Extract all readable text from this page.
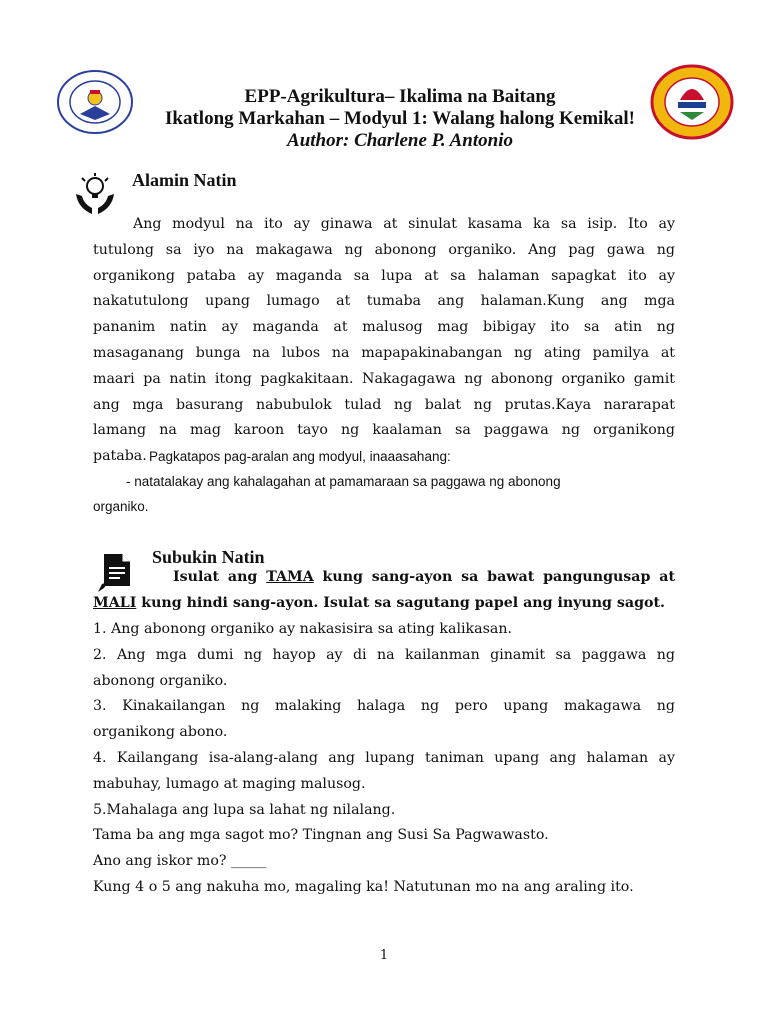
EPP-Agrikultura– Ikalima na Baitang
Ikatlong Markahan – Modyul 1: Walang halong Kemikal!
Author: Charlene P. Antonio
Alamin Natin
Ang modyul na ito ay ginawa at sinulat kasama ka sa isip. Ito ay
tutulong sa iyo na makagawa ng abonong organiko. Ang pag gawa ng
organikong pataba ay maganda sa lupa at sa halaman sapagkat ito ay
nakatutulong upang lumago at tumaba ang halaman.Kung ang mga
pananim natin ay maganda at malusog mag bibigay ito sa atin ng
masaganang bunga na lubos na mapapakinabangan ng ating pamilya at
maari pa natin itong pagkakitaan. Nakagagawa ng abonong organiko gamit
ang mga basurang nabubulok tulad ng balat ng prutas.Kaya nararapat
lamang na mag karoon tayo ng kaalaman sa paggawa ng organikong
pataba. Pagkatapos pag-aralan ang modyul, inaaasahang:
- natatalakay ang kahalagahan at pamamaraan sa paggawa ng abonong
organiko.
Subukin Natin
Isulat ang TAMA kung sang-ayon sa bawat pangungusap at
MALI kung hindi sang-ayon. Isulat sa sagutang papel ang inyung sagot.
1. Ang abonong organiko ay nakasisira sa ating kalikasan.
2. Ang mga dumi ng hayop ay di na kailanman ginamit sa paggawa ng
abonong organiko.
3. Kinakailangan ng malaking halaga ng pero upang makagawa ng
organikong abono.
4. Kailangang isa-alang-alang ang lupang taniman upang ang halaman ay
mabuhay, lumago at maging malusog.
5.Mahalaga ang lupa sa lahat ng nilalang.
Tama ba ang mga sagot mo? Tingnan ang Susi Sa Pagwawasto.
Ano ang iskor mo? _____
Kung 4 o 5 ang nakuha mo, magaling ka! Natutunan mo na ang araling ito.
1
